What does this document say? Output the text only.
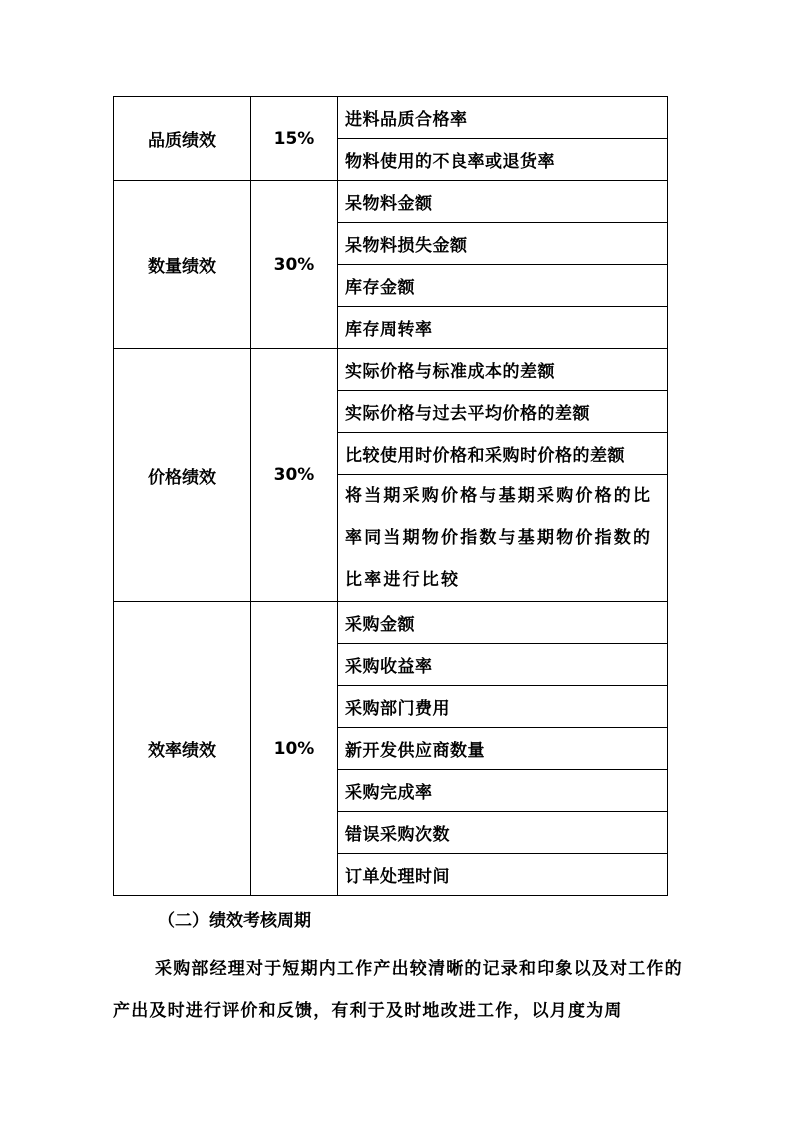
品质绩效	15%	进料品质合格率
		物料使用的不良率或退货率
数量绩效	30%	呆物料金额
		呆物料损失金额
		库存金额
		库存周转率
价格绩效	30%	实际价格与标准成本的差额
		实际价格与过去平均价格的差额
		比较使用时价格和采购时价格的差额
		将当期采购价格与基期采购价格的比率同当期物价指数与基期物价指数的比率进行比较
效率绩效	10%	采购金额
		采购收益率
		采购部门费用
		新开发供应商数量
		采购完成率
		错误采购次数
		订单处理时间
（二）绩效考核周期
采购部经理对于短期内工作产出较清晰的记录和印象以及对工作的产出及时进行评价和反馈，有利于及时地改进工作，以月度为周
